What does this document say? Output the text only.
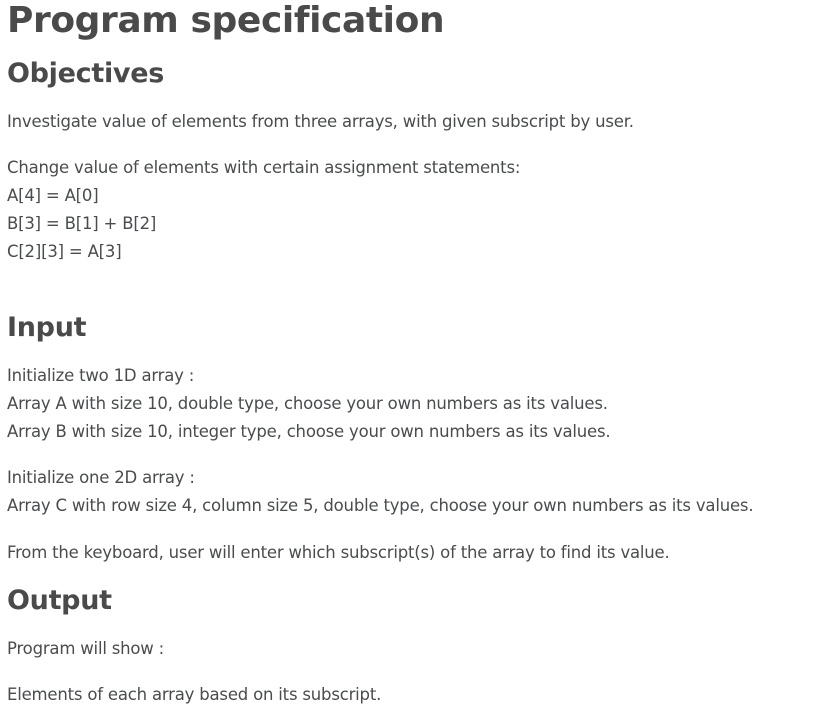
Program specification
Objectives
Investigate value of elements from three arrays, with given subscript by user.
Change value of elements with certain assignment statements:
A[4] = A[0]
B[3] = B[1] + B[2]
C[2][3] = A[3]
Input
Initialize two 1D array :
Array A with size 10, double type, choose your own numbers as its values.
Array B with size 10, integer type, choose your own numbers as its values.
Initialize one 2D array :
Array C with row size 4, column size 5, double type, choose your own numbers as its values.
From the keyboard, user will enter which subscript(s) of the array to find its value.
Output
Program will show :
Elements of each array based on its subscript.
